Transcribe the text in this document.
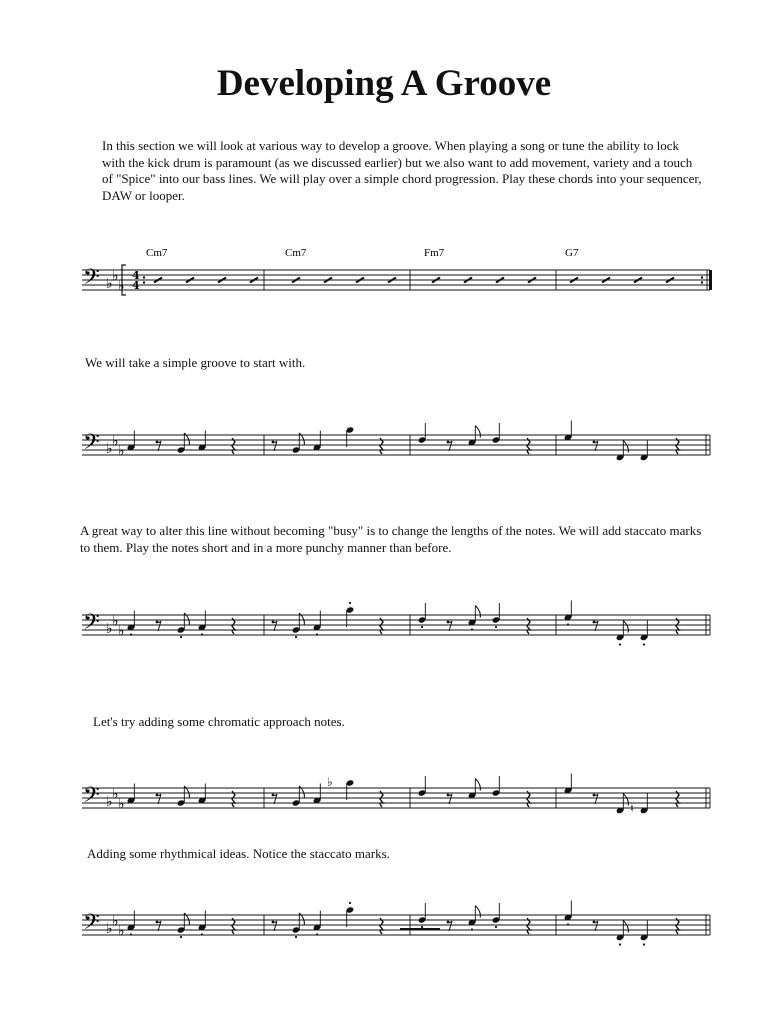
Developing A Groove

In this section we will look at various way to develop a groove. When playing a song or tune the ability to lock with the kick drum is paramount (as we discussed earlier) but we also want to add movement, variety and a touch of "Spice" into our bass lines. We will play over a simple chord progression. Play these chords into your sequencer, DAW or looper.

Cm7	Cm7	Fm7	G7
𝄢 ♭ ♭
♭
4
4

We will take a simple groove to start with.

𝄢 ♭ ♭
♭

A great way to alter this line without becoming "busy" is to change the lengths of the notes. We will add staccato marks to them. Play the notes short and in a more punchy manner than before.

𝄢 ♭ ♭
♭

Let's try adding some chromatic approach notes.

𝄢 ♭ ♭
♭
♭
♮

Adding some rhythmical ideas. Notice the staccato marks.

𝄢 ♭ ♭
♭
